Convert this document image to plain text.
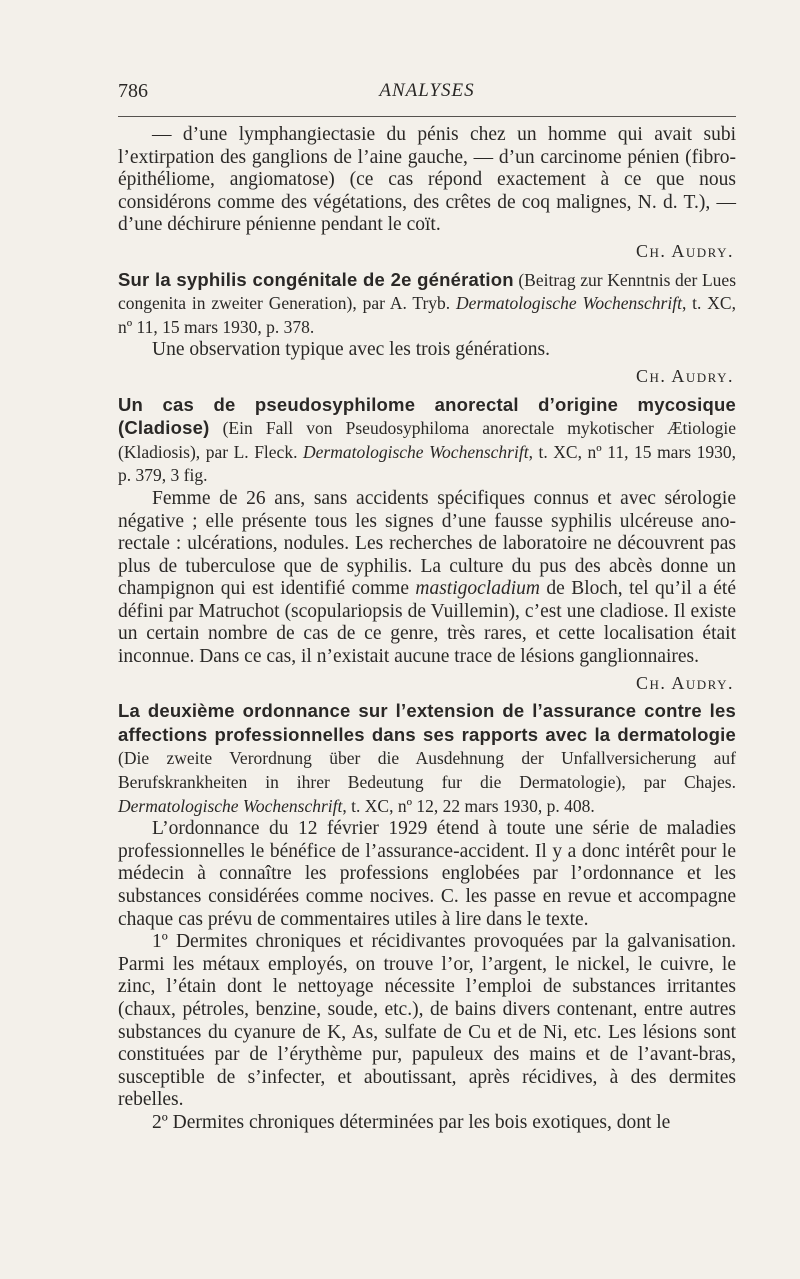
786	ANALYSES

— d’une lymphangiectasie du pénis chez un homme qui avait subi l’extirpation des ganglions de l’aine gauche, — d’un carcinome pénien (fibro-épithéliome, angiomatose) (ce cas répond exactement à ce que nous considérons comme des végétations, des crêtes de coq malignes, N. d. T.), — d’une déchirure pénienne pendant le coït.

Ch. Audry.

Sur la syphilis congénitale de 2e génération (Beitrag zur Kenntnis der Lues congenita in zweiter Generation), par A. Tryb. Dermatologische Wochenschrift, t. XC, nº 11, 15 mars 1930, p. 378.

Une observation typique avec les trois générations.

Ch. Audry.

Un cas de pseudosyphilome anorectal d’origine mycosique (Cladiose) (Ein Fall von Pseudosyphiloma anorectale mykotischer Ætiologie (Kladiosis), par L. Fleck. Dermatologische Wochenschrift, t. XC, nº 11, 15 mars 1930, p. 379, 3 fig.

Femme de 26 ans, sans accidents spécifiques connus et avec sérologie négative ; elle présente tous les signes d’une fausse syphilis ulcéreuse ano-rectale : ulcérations, nodules. Les recherches de laboratoire ne découvrent pas plus de tuberculose que de syphilis. La culture du pus des abcès donne un champignon qui est identifié comme mastigocladium de Bloch, tel qu’il a été défini par Matruchot (scopulariopsis de Vuillemin), c’est une cladiose. Il existe un certain nombre de cas de ce genre, très rares, et cette localisation était inconnue. Dans ce cas, il n’existait aucune trace de lésions ganglionnaires.

Ch. Audry.

La deuxième ordonnance sur l’extension de l’assurance contre les affections professionnelles dans ses rapports avec la dermatologie (Die zweite Verordnung über die Ausdehnung der Unfallversicherung auf Berufskrankheiten in ihrer Bedeutung fur die Dermatologie), par Chajes. Dermatologische Wochenschrift, t. XC, nº 12, 22 mars 1930, p. 408.

L’ordonnance du 12 février 1929 étend à toute une série de maladies professionnelles le bénéfice de l’assurance-accident. Il y a donc intérêt pour le médecin à connaître les professions englobées par l’ordonnance et les substances considérées comme nocives. C. les passe en revue et accompagne chaque cas prévu de commentaires utiles à lire dans le texte.

1º Dermites chroniques et récidivantes provoquées par la galvanisation. Parmi les métaux employés, on trouve l’or, l’argent, le nickel, le cuivre, le zinc, l’étain dont le nettoyage nécessite l’emploi de substances irritantes (chaux, pétroles, benzine, soude, etc.), de bains divers contenant, entre autres substances du cyanure de K, As, sulfate de Cu et de Ni, etc. Les lésions sont constituées par de l’érythème pur, papuleux des mains et de l’avant-bras, susceptible de s’infecter, et aboutissant, après récidives, à des dermites rebelles.

2º Dermites chroniques déterminées par les bois exotiques, dont le
